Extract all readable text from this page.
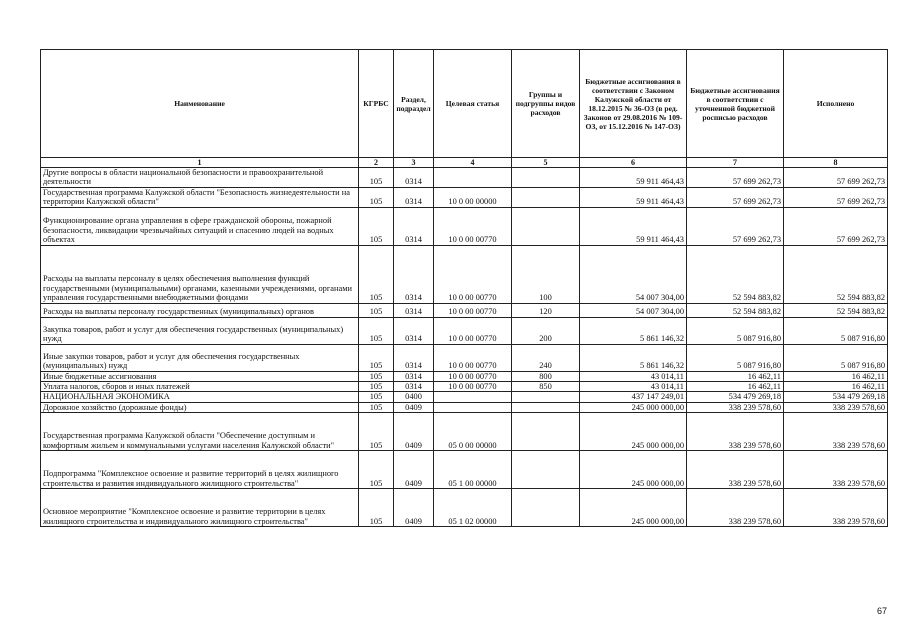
Наименование	КГРБС	Раздел, подраздел	Целевая статья	Группы и подгруппы видов расходов	Бюджетные ассигнования в соответствии с Законом Калужской области от 18.12.2015 № 36-ОЗ (в ред. Законов от 29.08.2016 № 109-ОЗ, от 15.12.2016 № 147-ОЗ)	Бюджетные ассигнования в соответствии с уточненной бюджетной росписью расходов	Исполнено
1	2	3	4	5	6	7	8
Другие вопросы в области национальной безопасности и правоохранительной деятельности	105	0314			59 911 464,43	57 699 262,73	57 699 262,73
Государственная программа Калужской области "Безопасность жизнедеятельности на территории Калужской области"	105	0314	10 0 00 00000		59 911 464,43	57 699 262,73	57 699 262,73
Функционирование органа управления в сфере гражданской обороны, пожарной безопасности, ликвидации чрезвычайных ситуаций и спасению людей на водных объектах	105	0314	10 0 00 00770		59 911 464,43	57 699 262,73	57 699 262,73
Расходы на выплаты персоналу в целях обеспечения выполнения функций государственными (муниципальными) органами, казенными учреждениями, органами управления государственными внебюджетными фондами	105	0314	10 0 00 00770	100	54 007 304,00	52 594 883,82	52 594 883,82
Расходы на выплаты персоналу государственных (муниципальных) органов	105	0314	10 0 00 00770	120	54 007 304,00	52 594 883,82	52 594 883,82
Закупка товаров, работ и услуг для обеспечения государственных (муниципальных) нужд	105	0314	10 0 00 00770	200	5 861 146,32	5 087 916,80	5 087 916,80
Иные закупки товаров, работ и услуг для обеспечения государственных (муниципальных) нужд	105	0314	10 0 00 00770	240	5 861 146,32	5 087 916,80	5 087 916,80
Иные бюджетные ассигнования	105	0314	10 0 00 00770	800	43 014,11	16 462,11	16 462,11
Уплата налогов, сборов и иных платежей	105	0314	10 0 00 00770	850	43 014,11	16 462,11	16 462,11
НАЦИОНАЛЬНАЯ ЭКОНОМИКА	105	0400			437 147 249,01	534 479 269,18	534 479 269,18
Дорожное хозяйство (дорожные фонды)	105	0409			245 000 000,00	338 239 578,60	338 239 578,60
Государственная программа Калужской области "Обеспечение доступным и комфортным жильем и коммунальными услугами населения Калужской области"	105	0409	05 0 00 00000		245 000 000,00	338 239 578,60	338 239 578,60
Подпрограмма "Комплексное освоение и развитие территорий в целях жилищного строительства и развития индивидуального жилищного строительства"	105	0409	05 1 00 00000		245 000 000,00	338 239 578,60	338 239 578,60
Основное мероприятие "Комплексное освоение и развитие территории в целях жилищного строительства и индивидуального жилищного строительства"	105	0409	05 1 02 00000		245 000 000,00	338 239 578,60	338 239 578,60
67
